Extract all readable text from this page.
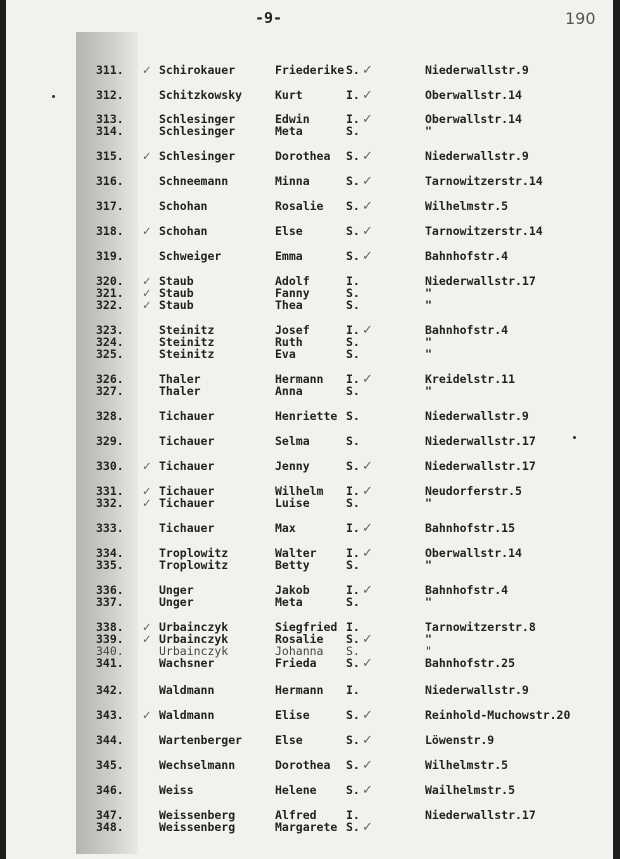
-9-	190
311.	✓ Schirokauer	Friederike S. ✓	Niederwallstr.9
312.	Schitzkowsky	Kurt	I. ✓	Oberwallstr.14
313.	Schlesinger	Edwin	I. ✓	Oberwallstr.14
314.	Schlesinger	Meta	S.	"
315.	✓ Schlesinger	Dorothea S. ✓	Niederwallstr.9
316.	Schneemann	Minna	S. ✓	Tarnowitzerstr.14
317.	Schohan	Rosalie S. ✓	Wilhelmstr.5
318.	✓ Schohan	Else	S. ✓	Tarnowitzerstr.14
319.	Schweiger	Emma	S. ✓	Bahnhofstr.4
320.	✓ Staub	Adolf	I.	Niederwallstr.17
321.	✓ Staub	Fanny	S.	"
322.	✓ Staub	Thea	S.	"
323.	Steinitz	Josef	I. ✓	Bahnhofstr.4
324.	Steinitz	Ruth	S.	"
325.	Steinitz	Eva	S.	"
326.	Thaler	Hermann I. ✓	Kreidelstr.11
327.	Thaler	Anna	S.	"
328.	Tichauer	Henriette S.	Niederwallstr.9
329.	Tichauer	Selma	S.	Niederwallstr.17
330.	✓ Tichauer	Jenny	S. ✓	Niederwallstr.17
331.	✓ Tichauer	Wilhelm I. ✓	Neudorferstr.5
332.	✓ Tichauer	Luise	S.	"
333.	Tichauer	Max	I. ✓	Bahnhofstr.15
334.	Troplowitz	Walter	I. ✓	Oberwallstr.14
335.	Troplowitz	Betty	S.	"
336.	Unger	Jakob	I. ✓	Bahnhofstr.4
337.	Unger	Meta	S.	"
338.	✓ Urbainczyk	Siegfried I.	Tarnowitzerstr.8
339.	✓ Urbainczyk	Rosalie S. ✓	"
340.	Urbainczyk	Johanna S.	"
341.	Wachsner	Frieda	S. ✓	Bahnhofstr.25
342.	Waldmann	Hermann I.	Niederwallstr.9
343.	✓ Waldmann	Elise	S. ✓	Reinhold-Muchowstr.20
344.	Wartenberger	Else	S. ✓	Löwenstr.9
345.	Wechselmann	Dorothea S. ✓	Wilhelmstr.5
346.	Weiss	Helene	S. ✓	Wailhelmstr.5
347.	Weissenberg	Alfred	I.	Niederwallstr.17
348.	Weissenberg	Margarete S. ✓
